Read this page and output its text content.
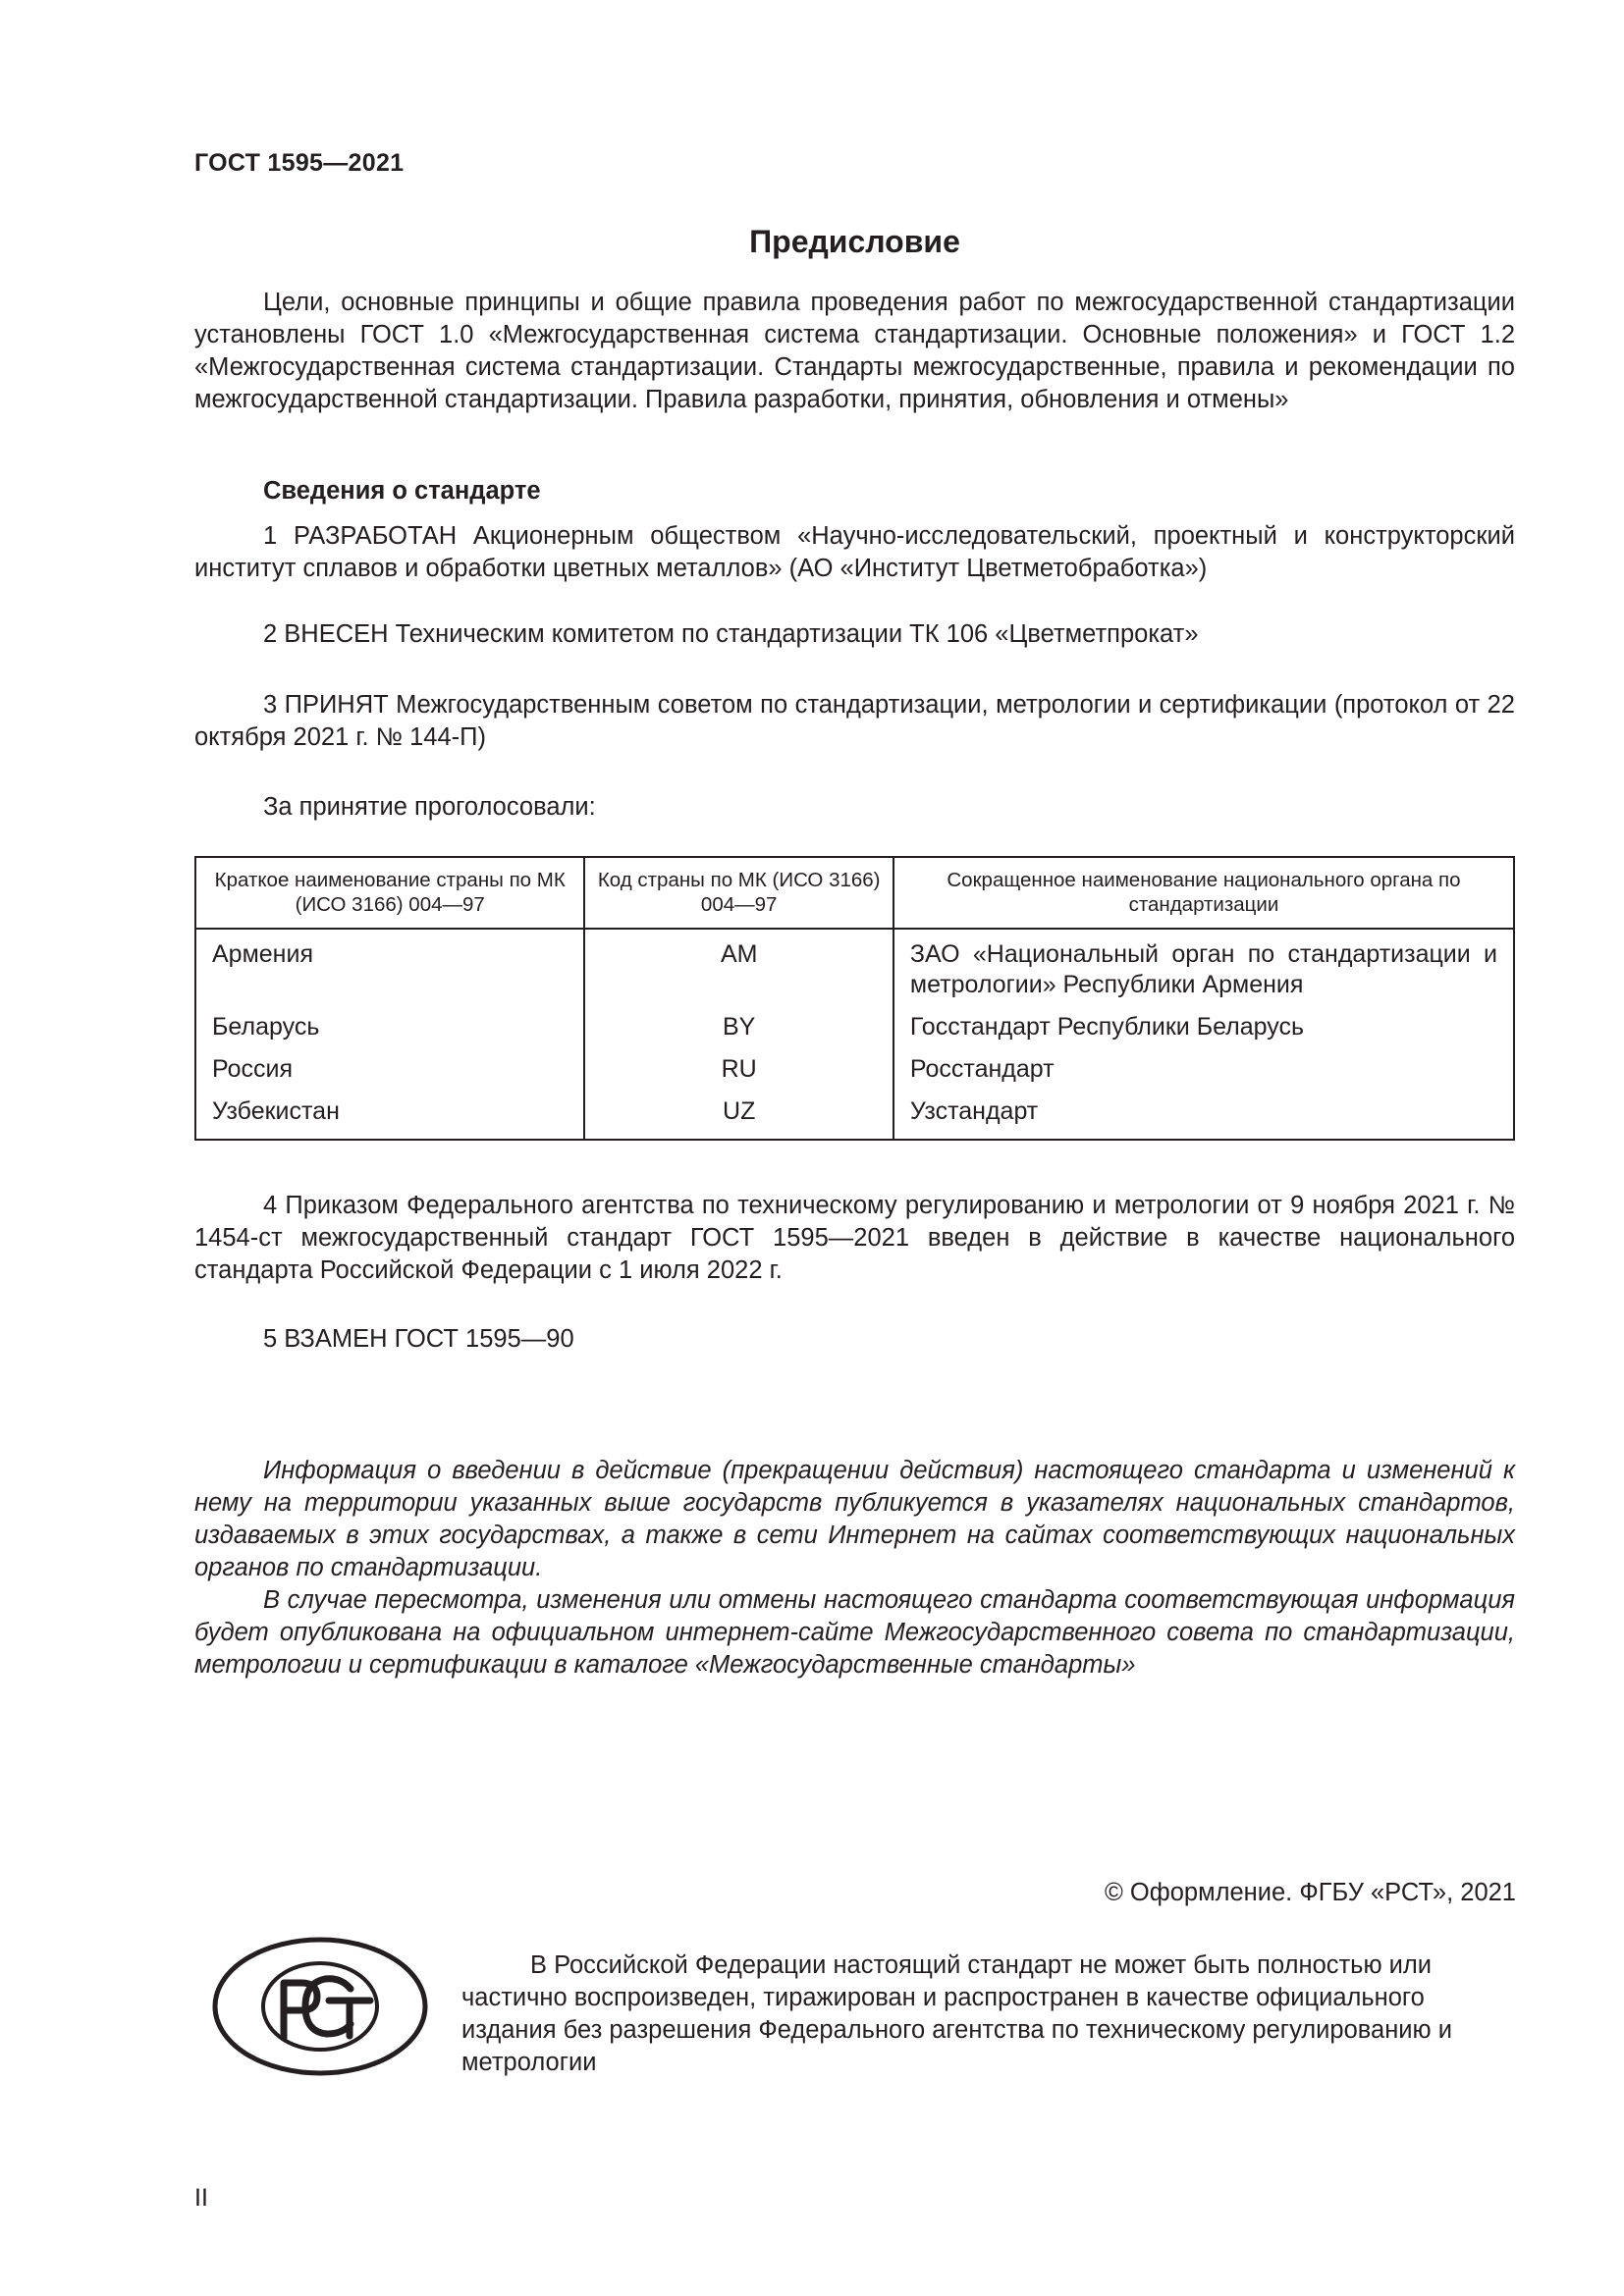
ГОСТ 1595—2021
Предисловие

Цели, основные принципы и общие правила проведения работ по межгосударственной стандартизации установлены ГОСТ 1.0 «Межгосударственная система стандартизации. Основные положения» и ГОСТ 1.2 «Межгосударственная система стандартизации. Стандарты межгосударственные, правила и рекомендации по межгосударственной стандартизации. Правила разработки, принятия, обновления и отмены»

Сведения о стандарте

1 РАЗРАБОТАН Акционерным обществом «Научно-исследовательский, проектный и конструкторский институт сплавов и обработки цветных металлов» (АО «Институт Цветметобработка»)

2 ВНЕСЕН Техническим комитетом по стандартизации ТК 106 «Цветметпрокат»

3 ПРИНЯТ Межгосударственным советом по стандартизации, метрологии и сертификации (протокол от 22 октября 2021 г. № 144-П)

За принятие проголосовали:

Краткое наименование страны по МК (ИСО 3166) 004—97	Код страны по МК (ИСО 3166) 004—97	Сокращенное наименование национального органа по стандартизации
Армения	AM	ЗАО «Национальный орган по стандартизации и метрологии» Республики Армения
Беларусь	BY	Госстандарт Республики Беларусь
Россия	RU	Росстандарт
Узбекистан	UZ	Узстандарт

4 Приказом Федерального агентства по техническому регулированию и метрологии от 9 ноября 2021 г. № 1454-ст межгосударственный стандарт ГОСТ 1595—2021 введен в действие в качестве национального стандарта Российской Федерации с 1 июля 2022 г.

5 ВЗАМЕН ГОСТ 1595—90

Информация о введении в действие (прекращении действия) настоящего стандарта и изменений к нему на территории указанных выше государств публикуется в указателях национальных стандартов, издаваемых в этих государствах, а также в сети Интернет на сайтах соответствующих национальных органов по стандартизации.

В случае пересмотра, изменения или отмены настоящего стандарта соответствующая информация будет опубликована на официальном интернет-сайте Межгосударственного совета по стандартизации, метрологии и сертификации в каталоге «Межгосударственные стандарты»

© Оформление. ФГБУ «РСТ», 2021

В Российской Федерации настоящий стандарт не может быть полностью или частично воспроизведен, тиражирован и распространен в качестве официального издания без разрешения Федерального агентства по техническому регулированию и метрологии

II
